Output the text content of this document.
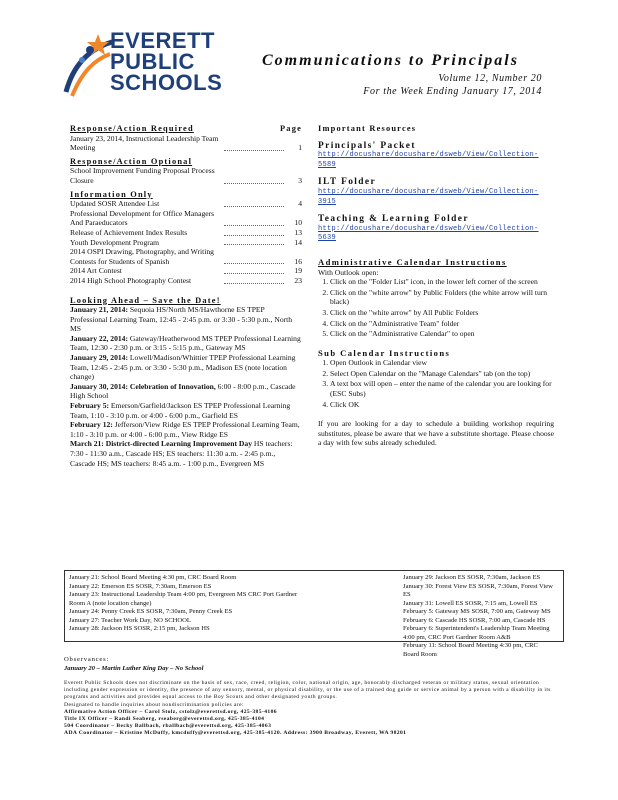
EVERETT
PUBLIC
SCHOOLS
Communications to Principals
Volume 12, Number 20
For the Week Ending January 17, 2014
Response/Action Required	Page
January 23, 2014, Instructional Leadership Team Meeting	1
Response/Action Optional
School Improvement Funding Proposal Process Closure	3
Information Only
Updated SOSR Attendee List	4
Professional Development for Office Managers And Paraeducators	10
Release of Achievement Index Results	13
Youth Development Program	14
2014 OSPI Drawing, Photography, and Writing Contests for Students of Spanish	16
2014 Art Contest	19
2014 High School Photography Contest	23
Looking Ahead – Save the Date!
January 21, 2014: Sequoia HS/North MS/Hawthorne ES TPEP Professional Learning Team, 12:45 - 2:45 p.m. or 3:30 - 5:30 p.m., North MS
January 22, 2014: Gateway/Heatherwood MS TPEP Professional Learning Team, 12:30 - 2:30 p.m. or 3:15 - 5:15 p.m., Gateway MS
January 29, 2014: Lowell/Madison/Whittier TPEP Professional Learning Team, 12:45 - 2:45 p.m. or 3:30 - 5:30 p.m., Madison ES (note location change)
January 30, 2014: Celebration of Innovation, 6:00 - 8:00 p.m., Cascade High School
February 5: Emerson/Garfield/Jackson ES TPEP Professional Learning Team, 1:10 - 3:10 p.m. or 4:00 - 6:00 p.m., Garfield ES
February 12: Jefferson/View Ridge ES TPEP Professional Learning Team, 1:10 - 3:10 p.m. or 4:00 - 6:00 p.m., View Ridge ES
March 21: District-directed Learning Improvement Day HS teachers: 7:30 - 11:30 a.m., Cascade HS; ES teachers: 11:30 a.m. - 2:45 p.m., Cascade HS; MS teachers: 8:45 a.m. - 1:00 p.m., Evergreen MS
Important Resources
Principals' Packet
http://docushare/docushare/dsweb/View/Collection-5589
ILT Folder
http://docushare/docushare/dsweb/View/Collection-3915
Teaching & Learning Folder
http://docushare/docushare/dsweb/View/Collection-5639
Administrative Calendar Instructions
With Outlook open:
1. Click on the "Folder List" icon, in the lower left corner of the screen
2. Click on the "white arrow" by Public Folders (the white arrow will turn black)
3. Click on the "white arrow" by All Public Folders
4. Click on the "Administrative Team" folder
5. Click on the "Administrative Calendar" to open
Sub Calendar Instructions
1. Open Outlook in Calendar view
2. Select Open Calendar on the "Manage Calendars" tab (on the top)
3. A text box will open – enter the name of the calendar you are looking for (ESC Subs)
4. Click OK
If you are looking for a day to schedule a building workshop requiring substitutes, please be aware that we have a substitute shortage. Please choose a day with few subs already scheduled.
January 21: School Board Meeting 4:30 pm, CRC Board Room
January 22: Emerson ES SOSR, 7:30am, Emerson ES
January 23: Instructional Leadership Team 4:00 pm, Evergreen MS CRC Port Gardner Room A (note location change)
January 24: Penny Creek ES SOSR, 7:30am, Penny Creek ES
January 27: Teacher Work Day, NO SCHOOL
January 28: Jackson HS SOSR, 2:15 pm, Jackson HS
January 29: Jackson ES SOSR, 7:30am, Jackson ES
January 30: Forest View ES SOSR, 7:30am, Forest View ES
January 31: Lowell ES SOSR, 7:15 am, Lowell ES
February 5: Gateway MS SOSR, 7:00 am, Gateway MS
February 6: Cascade HS SOSR, 7:00 am, Cascade HS
February 6: Superintendent's Leadership Team Meeting 4:00 pm, CRC Port Gardner Room A&B
February 11: School Board Meeting 4:30 pm, CRC Board Room
Observances:
January 20 – Martin Luther King Day – No School
Everett Public Schools does not discriminate on the basis of sex, race, creed, religion, color, national origin, age, honorably discharged veteran or military status, sexual orientation including gender expression or identity, the presence of any sensory, mental, or physical disability, or the use of a trained dog guide or service animal by a person with a disability in its programs and activities and provides equal access to the Boy Scouts and other designated youth groups.
Designated to handle inquiries about nondiscrimination policies are:
Affirmative Action Officer – Carol Stolz, cstolz@everettsd.org, 425-385-4106
Title IX Officer – Randi Seaberg, rseaberg@everettsd.org, 425-385-4104
504 Coordinator – Becky Ballbach, rballbach@everettsd.org, 425-385-4063
ADA Coordinator – Kristine McDuffy, kmcduffy@everettsd.org, 425-385-4120. Address: 3900 Broadway, Everett, WA 98201
